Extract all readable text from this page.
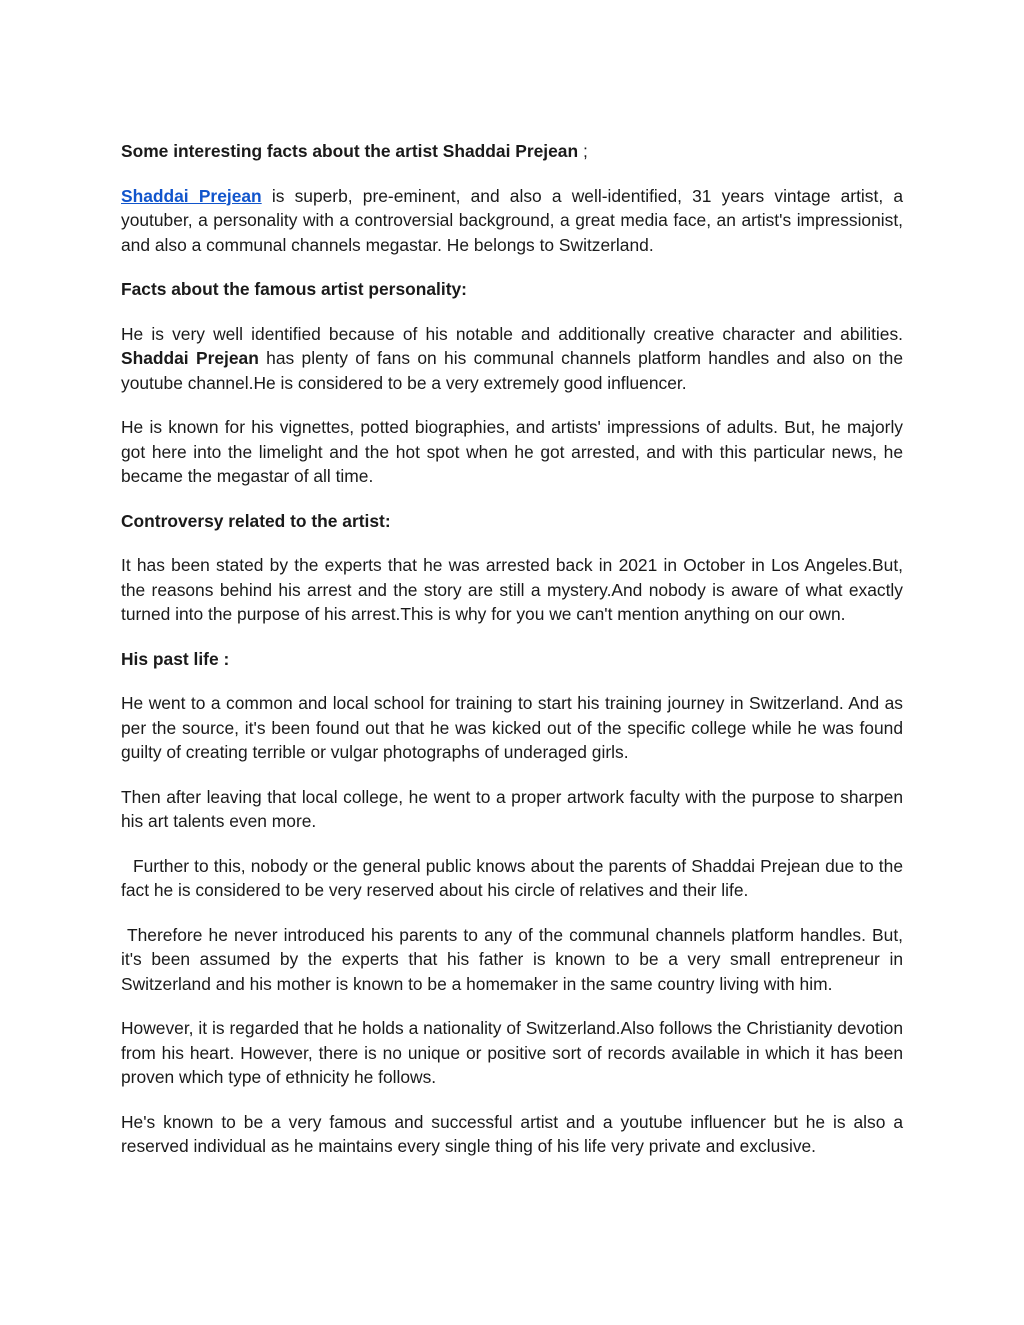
Some interesting facts about the artist Shaddai Prejean ;

Shaddai Prejean is superb, pre-eminent, and also a well-identified, 31 years vintage artist, a youtuber, a personality with a controversial background, a great media face, an artist's impressionist, and also a communal channels megastar. He belongs to Switzerland.

Facts about the famous artist personality:

He is very well identified because of his notable and additionally creative character and abilities. Shaddai Prejean has plenty of fans on his communal channels platform handles and also on the youtube channel.He is considered to be a very extremely good influencer.

He is known for his vignettes, potted biographies, and artists' impressions of adults. But, he majorly got here into the limelight and the hot spot when he got arrested, and with this particular news, he became the megastar of all time.

Controversy related to the artist:

It has been stated by the experts that he was arrested back in 2021 in October in Los Angeles.But, the reasons behind his arrest and the story are still a mystery.And nobody is aware of what exactly turned into the purpose of his arrest.This is why for you we can't mention anything on our own.

His past life :

He went to a common and local school for training to start his training journey in Switzerland. And as per the source, it's been found out that he was kicked out of the specific college while he was found guilty of creating terrible or vulgar photographs of underaged girls.

Then after leaving that local college, he went to a proper artwork faculty with the purpose to sharpen his art talents even more.

Further to this, nobody or the general public knows about the parents of Shaddai Prejean due to the fact he is considered to be very reserved about his circle of relatives and their life.

Therefore he never introduced his parents to any of the communal channels platform handles. But, it's been assumed by the experts that his father is known to be a very small entrepreneur in Switzerland and his mother is known to be a homemaker in the same country living with him.

However, it is regarded that he holds a nationality of Switzerland.Also follows the Christianity devotion from his heart. However, there is no unique or positive sort of records available in which it has been proven which type of ethnicity he follows.

He's known to be a very famous and successful artist and a youtube influencer but he is also a reserved individual as he maintains every single thing of his life very private and exclusive.
